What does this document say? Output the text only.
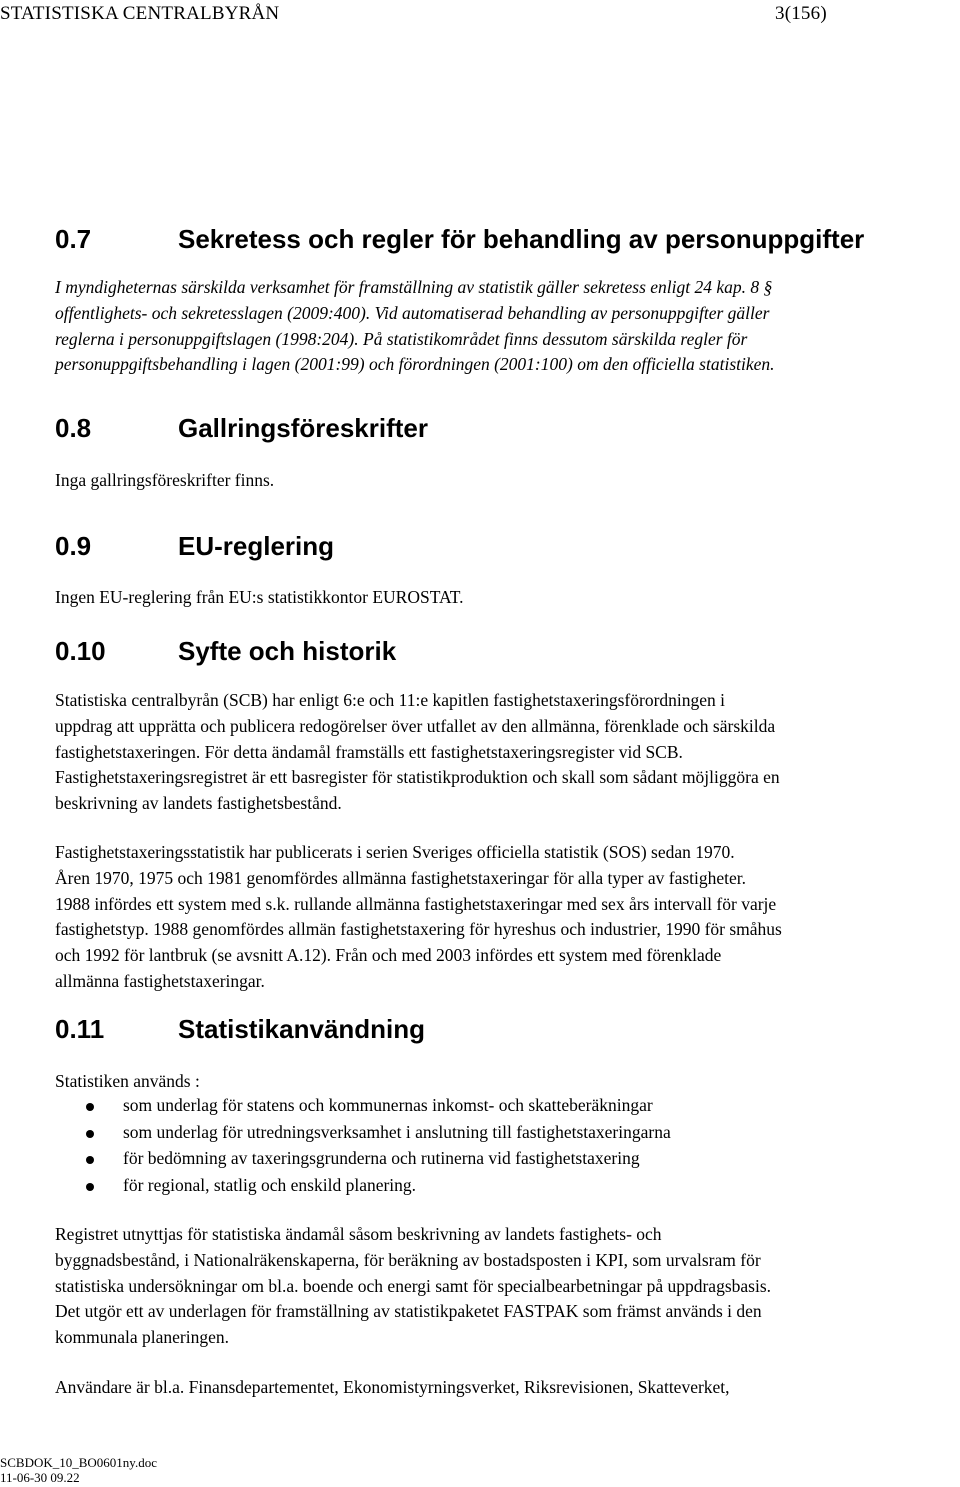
STATISTISKA CENTRALBYRÅN	3(156)
0.7	Sekretess och regler för behandling av personuppgifter
I myndigheternas särskilda verksamhet för framställning av statistik gäller sekretess enligt 24 kap. 8 §
offentlighets- och sekretesslagen (2009:400). Vid automatiserad behandling av personuppgifter gäller
reglerna i personuppgiftslagen (1998:204). På statistikområdet finns dessutom särskilda regler för
personuppgiftsbehandling i lagen (2001:99) och förordningen (2001:100) om den officiella statistiken.
0.8	Gallringsföreskrifter
Inga gallringsföreskrifter finns.
0.9	EU-reglering
Ingen EU-reglering från EU:s statistikkontor EUROSTAT.
0.10	Syfte och historik
Statistiska centralbyrån (SCB) har enligt 6:e och 11:e kapitlen fastighetstaxeringsförordningen i
uppdrag att upprätta och publicera redogörelser över utfallet av den allmänna, förenklade och särskilda
fastighetstaxeringen. För detta ändamål framställs ett fastighetstaxeringsregister vid SCB.
Fastighetstaxeringsregistret är ett basregister för statistikproduktion och skall som sådant möjliggöra en
beskrivning av landets fastighetsbestånd.
Fastighetstaxeringsstatistik har publicerats i serien Sveriges officiella statistik (SOS) sedan 1970.
Åren 1970, 1975 och 1981 genomfördes allmänna fastighetstaxeringar för alla typer av fastigheter.
1988 infördes ett system med s.k. rullande allmänna fastighetstaxeringar med sex års intervall för varje
fastighetstyp. 1988 genomfördes allmän fastighetstaxering för hyreshus och industrier, 1990 för småhus
och 1992 för lantbruk (se avsnitt A.12). Från och med 2003 infördes ett system med förenklade
allmänna fastighetstaxeringar.
0.11	Statistikanvändning
Statistiken används :
som underlag för statens och kommunernas inkomst- och skatteberäkningar
som underlag för utredningsverksamhet i anslutning till fastighetstaxeringarna
för bedömning av taxeringsgrunderna och rutinerna vid fastighetstaxering
för regional, statlig och enskild planering.
Registret utnyttjas för statistiska ändamål såsom beskrivning av landets fastighets- och
byggnadsbestånd, i Nationalräkenskaperna, för beräkning av bostadsposten i KPI, som urvalsram för
statistiska undersökningar om bl.a. boende och energi samt för specialbearbetningar på uppdragsbasis.
Det utgör ett av underlagen för framställning av statistikpaketet FASTPAK som främst används i den
kommunala planeringen.
Användare är bl.a. Finansdepartementet, Ekonomistyrningsverket, Riksrevisionen, Skatteverket,
SCBDOK_10_BO0601ny.doc
11-06-30 09.22
